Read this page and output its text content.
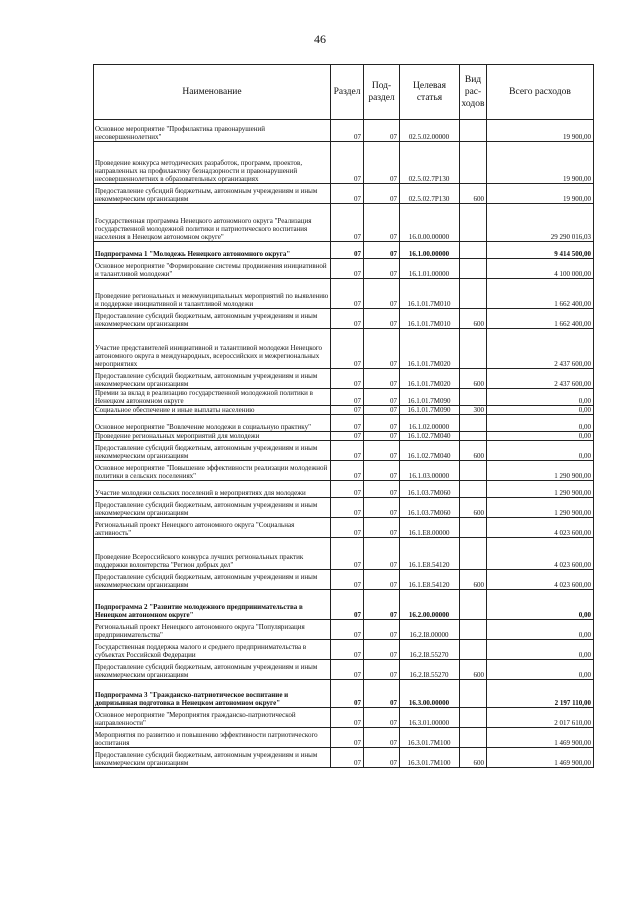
46
Наименование	Раздел	Под-раздел	Целевая статья	Вид рас-ходов	Всего расходов
Основное мероприятие "Профилактика правонарушений несовершеннолетних"	07	07	02.5.02.00000		19 900,00
Проведение конкурса методических разработок, программ, проектов, направленных на профилактику безнадзорности и правонарушений несовершеннолетних в образовательных организациях	07	07	02.5.02.7Р130		19 900,00
Предоставление субсидий бюджетным, автономным учреждениям и иным некоммерческим организациям	07	07	02.5.02.7Р130	600	19 900,00
Государственная программа Ненецкого автономного округа "Реализация государственной молодежной политики и патриотического воспитания населения в Ненецком автономном округе"	07	07	16.0.00.00000		29 290 016,03
Подпрограмма 1 "Молодежь Ненецкого автономного округа"	07	07	16.1.00.00000		9 414 500,00
Основное мероприятие "Формирование системы продвижения инициативной и талантливой молодежи"	07	07	16.1.01.00000		4 100 000,00
Проведение региональных и межмуниципальных мероприятий по выявлению и поддержке инициативной и талантливой молодежи	07	07	16.1.01.7М010		1 662 400,00
Предоставление субсидий бюджетным, автономным учреждениям и иным некоммерческим организациям	07	07	16.1.01.7М010	600	1 662 400,00
Участие представителей инициативной и талантливой молодежи Ненецкого автономного округа в международных, всероссийских и межрегиональных мероприятиях	07	07	16.1.01.7М020		2 437 600,00
Предоставление субсидий бюджетным, автономным учреждениям и иным некоммерческим организациям	07	07	16.1.01.7М020	600	2 437 600,00
Премии за вклад в реализацию государственной молодежной политики в Ненецком автономном округе	07	07	16.1.01.7М090		0,00
Социальное обеспечение и иные выплаты населению	07	07	16.1.01.7М090	300	0,00
Основное мероприятие "Вовлечение молодежи в социальную практику"	07	07	16.1.02.00000		0,00
Проведение региональных мероприятий для молодежи	07	07	16.1.02.7М040		0,00
Предоставление субсидий бюджетным, автономным учреждениям и иным некоммерческим организациям	07	07	16.1.02.7М040	600	0,00
Основное мероприятие "Повышение эффективности реализации молодежной политики в сельских поселениях"	07	07	16.1.03.00000		1 290 900,00
Участие молодежи сельских поселений в мероприятиях для молодежи	07	07	16.1.03.7М060		1 290 900,00
Предоставление субсидий бюджетным, автономным учреждениям и иным некоммерческим организациям	07	07	16.1.03.7М060	600	1 290 900,00
Региональный проект Ненецкого автономного округа "Социальная активность"	07	07	16.1.Е8.00000		4 023 600,00
Проведение Всероссийского конкурса лучших региональных практик поддержки волонтерства "Регион добрых дел"	07	07	16.1.Е8.54120		4 023 600,00
Предоставление субсидий бюджетным, автономным учреждениям и иным некоммерческим организациям	07	07	16.1.Е8.54120	600	4 023 600,00
Подпрограмма 2 "Развитие молодежного предпринимательства в Ненецком автономном округе"	07	07	16.2.00.00000		0,00
Региональный проект Ненецкого автономного округа "Популяризация предпринимательства"	07	07	16.2.I8.00000		0,00
Государственная поддержка малого и среднего предпринимательства в субъектах Российской Федерации	07	07	16.2.I8.55270		0,00
Предоставление субсидий бюджетным, автономным учреждениям и иным некоммерческим организациям	07	07	16.2.I8.55270	600	0,00
Подпрограмма 3 "Гражданско-патриотическое воспитание и допризывная подготовка в Ненецком автономном округе"	07	07	16.3.00.00000		2 197 110,00
Основное мероприятие "Мероприятия гражданско-патриотической направленности"	07	07	16.3.01.00000		2 017 610,00
Мероприятия по развитию и повышению эффективности патриотического воспитания	07	07	16.3.01.7М100		1 469 900,00
Предоставление субсидий бюджетным, автономным учреждениям и иным некоммерческим организациям	07	07	16.3.01.7М100	600	1 469 900,00
